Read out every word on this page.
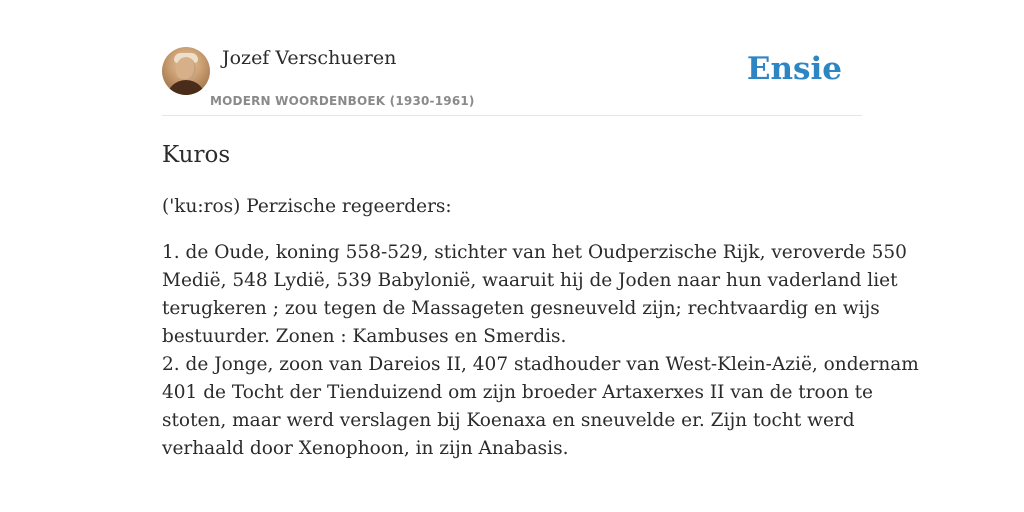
Jozef Verschueren
MODERN WOORDENBOEK (1930-1961)
Ensie
Kuros

('ku:ros) Perzische regeerders:

1. de Oude, koning 558-529, stichter van het Oudperzische Rijk, veroverde 550
Medië, 548 Lydië, 539 Babylonië, waaruit hij de Joden naar hun vaderland liet
terugkeren ; zou tegen de Massageten gesneuveld zijn; rechtvaardig en wijs
bestuurder. Zonen : Kambuses en Smerdis.
2. de Jonge, zoon van Dareios II, 407 stadhouder van West-Klein-Azië, ondernam
401 de Tocht der Tienduizend om zijn broeder Artaxerxes II van de troon te
stoten, maar werd verslagen bij Koenaxa en sneuvelde er. Zijn tocht werd
verhaald door Xenophoon, in zijn Anabasis.
